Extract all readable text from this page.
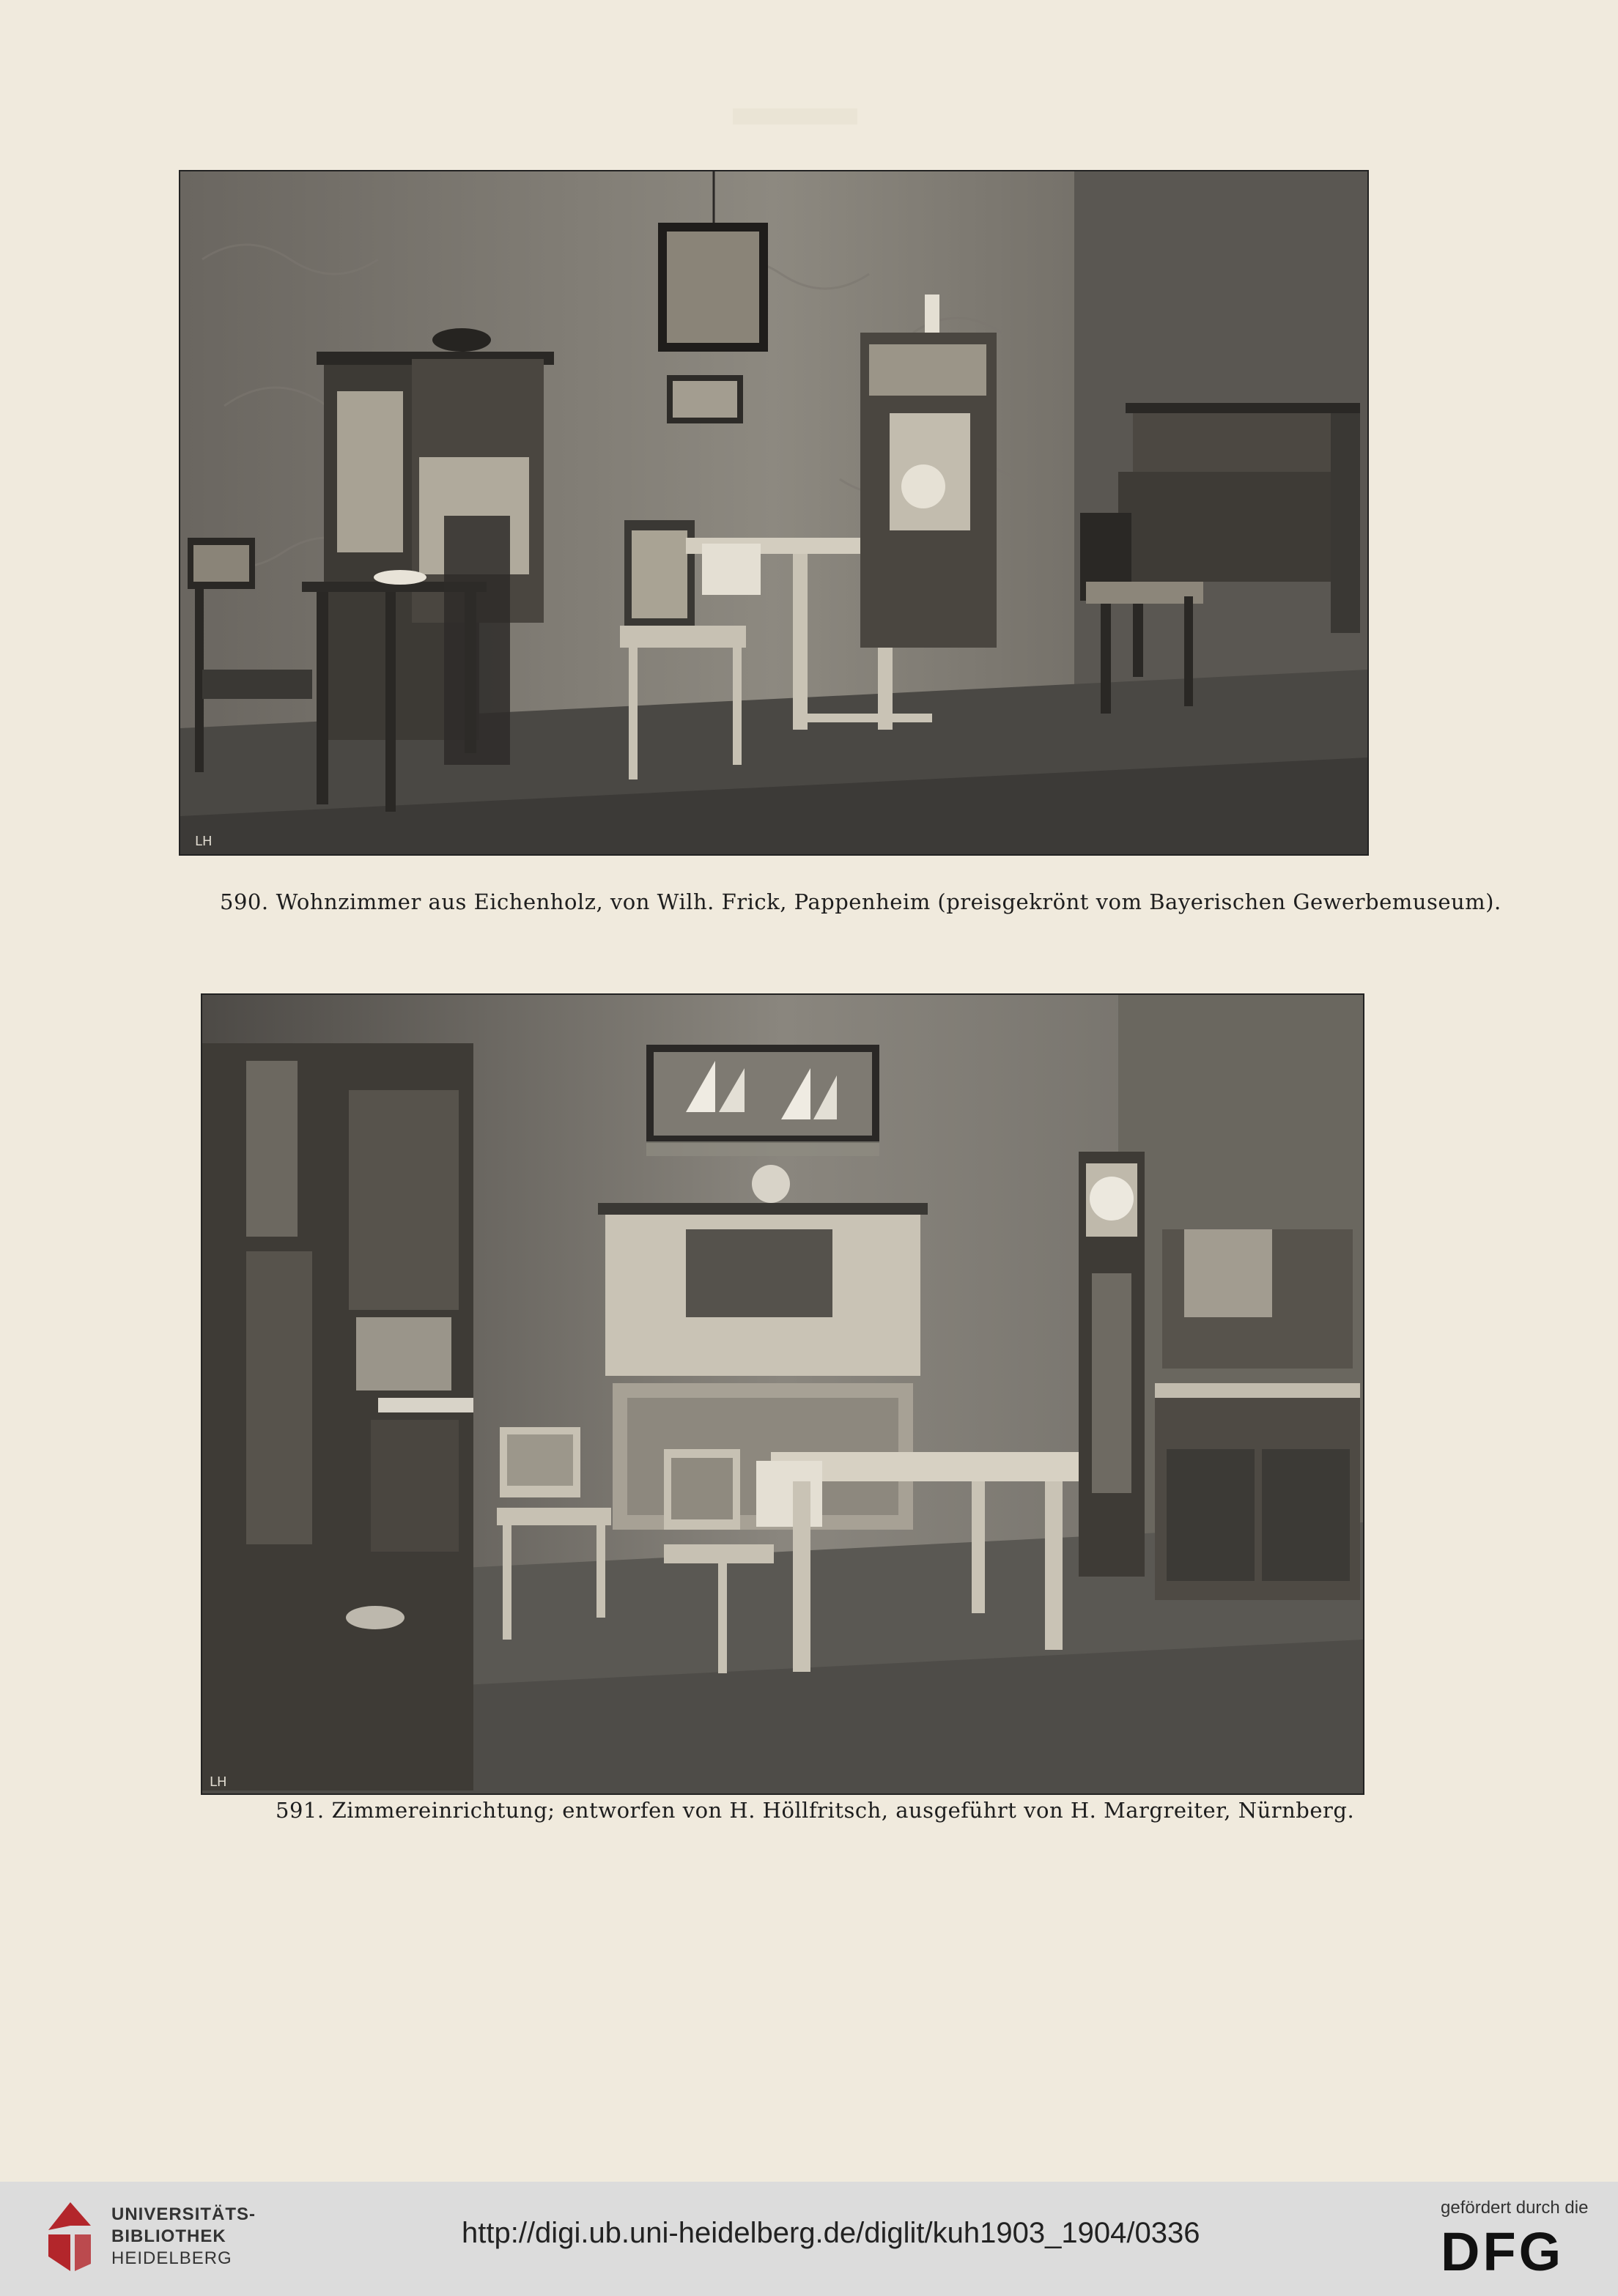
LH
590. Wohnzimmer aus Eichenholz, von Wilh. Frick, Pappenheim (preisgekrönt vom Bayerischen Gewerbemuseum).
LH
591. Zimmereinrichtung; entworfen von H. Höllfritsch, ausgeführt von H. Margreiter, Nürnberg.
UNIVERSITÄTS-
BIBLIOTHEK
HEIDELBERG
http://digi.ub.uni-heidelberg.de/diglit/kuh1903_1904/0336
gefördert durch die
DFG
